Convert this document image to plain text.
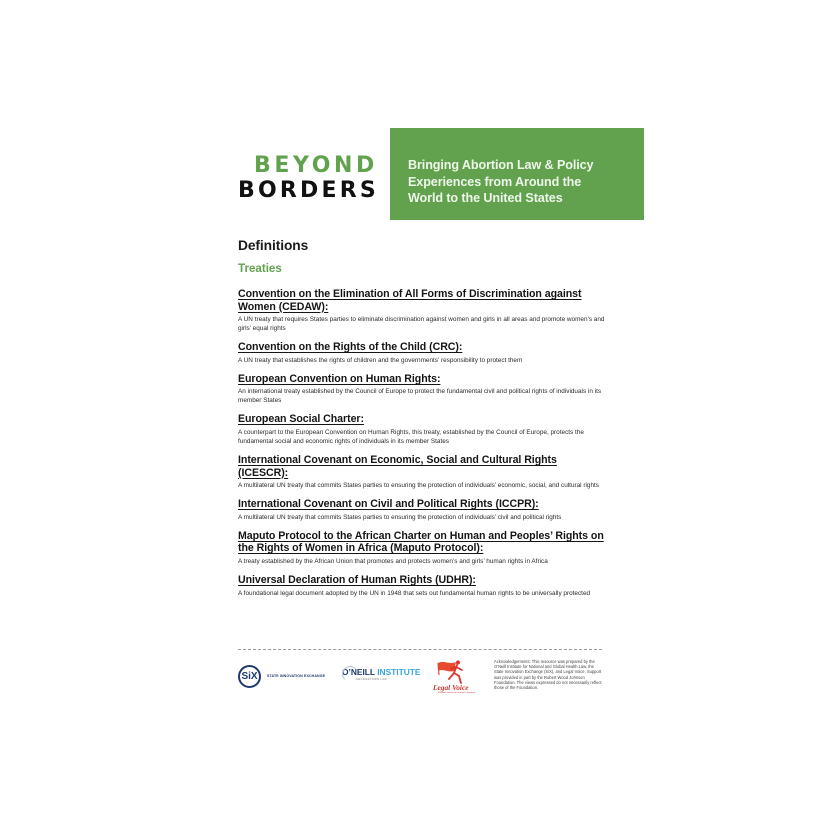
BEYOND
BORDERS
Bringing Abortion Law & Policy
Experiences from Around the
World to the United States
Definitions
Treaties
Convention on the Elimination of All Forms of Discrimination against Women (CEDAW):
A UN treaty that requires States parties to eliminate discrimination against women and girls in all areas and promote women’s and girls’ equal rights
Convention on the Rights of the Child (CRC):
A UN treaty that establishes the rights of children and the governments’ responsibility to protect them
European Convention on Human Rights:
An international treaty established by the Council of Europe to protect the fundamental civil and political rights of individuals in its member States
European Social Charter:
A counterpart to the European Convention on Human Rights, this treaty, established by the Council of Europe, protects the fundamental social and economic rights of individuals in its member States
International Covenant on Economic, Social and Cultural Rights (ICESCR):
A multilateral UN treaty that commits States parties to ensuring the protection of individuals’ economic, social, and cultural rights
International Covenant on Civil and Political Rights (ICCPR):
A multilateral UN treaty that commits States parties to ensuring the protection of individuals’ civil and political rights
Maputo Protocol to the African Charter on Human and Peoples’ Rights on the Rights of Women in Africa (Maputo Protocol):
A treaty established by the African Union that promotes and protects women’s and girls’ human rights in Africa
Universal Declaration of Human Rights (UDHR):
A foundational legal document adopted by the UN in 1948 that sets out fundamental human rights to be universally protected
SiX	STATE INNOVATION EXCHANGE O’NEILL INSTITUTE
GEORGETOWN LAW
Legal Voice
Feminist Justice for Greater Liberation
Acknowledgements: This resource was prepared by the O’Neill Institute for National and Global Health Law, the State Innovation Exchange (SiX), and Legal Voice. Support was provided in part by the Robert Wood Johnson Foundation. The views expressed do not necessarily reflect those of the Foundation.
